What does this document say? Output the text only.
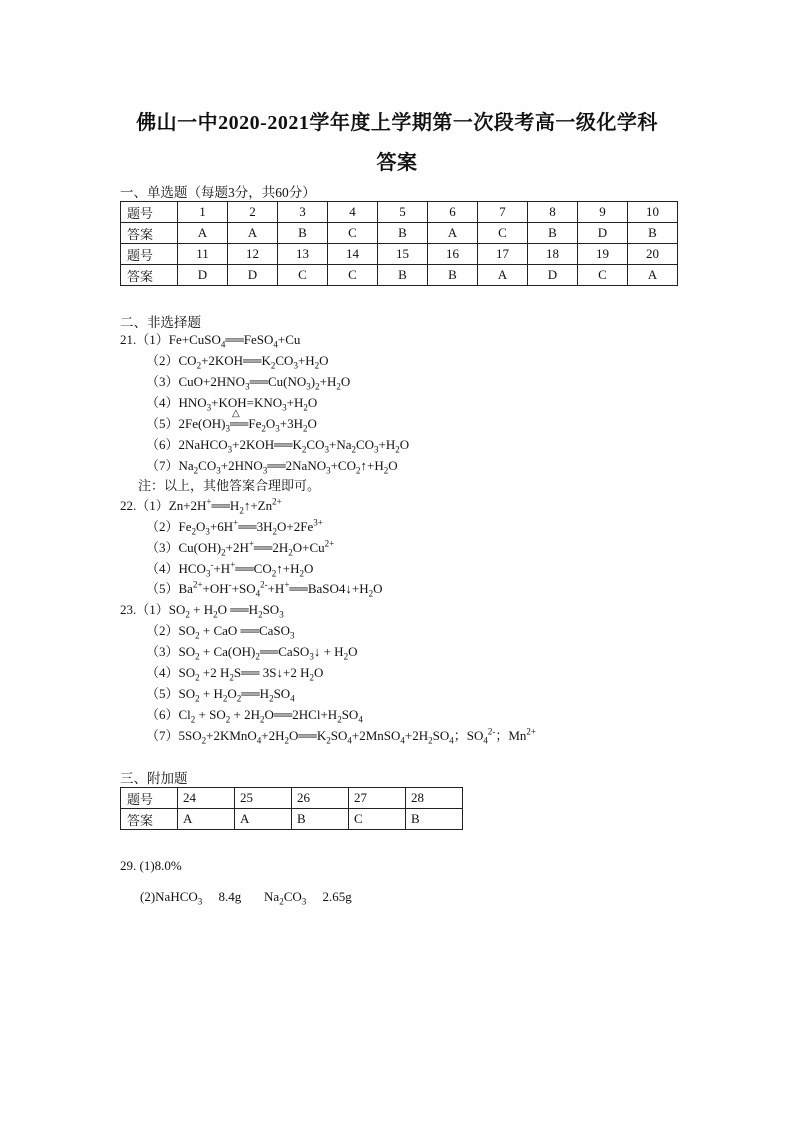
佛山一中2020-2021学年度上学期第一次段考高一级化学科
答案
一、单选题（每题3分，共60分）
题号	1	2	3	4	5	6	7	8	9	10
答案	A	A	B	C	B	A	C	B	D	B
题号	11	12	13	14	15	16	17	18	19	20
答案	D	D	C	C	B	B	A	D	C	A
二、非选择题
21.（1）Fe+CuSO$_4$══FeSO$_4$+Cu
$(2)CO_2+2KOH══K_2CO_3+H_2O$
$(3)CuO+2HNO_3══Cu(NO_3)_2+H_2O$
$(4)HNO_3+KOH=KNO_3+H_2O$
$(5)2Fe(OH)_3\triangle$ $══Fe_2O_3+3H_2O$
$(6)2NaHCO_3+2KOH══K_2CO_3+Na_2CO_3+H_2O$
$(7)Na_2CO_3+2HNO_3══2NaNO_3+CO_2↑+H_2O$
注：以上，其他答案合理即可。
$22.(1)Zn+2H^+══H_2↑+Zn^{2+}$
$(2)Fe_2O_3+6H^+══3H_2O+2Fe^{3+}$
$(3)Cu(OH)_2+2H^+══2H_2O+Cu^{2+}$
$(4)HCO_3^-+H^+══CO_2↑+H_2O$
$(5)Ba^{2+}+OH^-+SO_4^{2-}+H^+══BaSO4↓+H_2O$
$23.(1)SO_2 + H_2O$ $══H_2SO_3$
$(2)SO_2$ + CaO ══CaSO$_3$
$(3)SO_2$ + $Ca(OH)_2══CaSO_3↓ + H_2O$
$(4)SO_2 +2$ $H_2S══$ 3S↓+2 $H_2O$
$(5)SO_2$ + $H_2O_2══H_2SO_4$
$(6)Cl_2 + SO_2$ + $2H_2O══2HCl+H_2SO_4$
$(7)5SO_2+2KMnO_4+2H_2O══K_2SO_4+2MnSO_4+2H_2SO_4$；$SO_4^{2-}$；$Mn^{2+}$
三、附加题
题号	24	25	26	27	28
答案	A	A	B	C	B
29. (1)8.0%
(2)NaHCO$_3$ 8.4g       $Na_2CO_3$ 2.65g
